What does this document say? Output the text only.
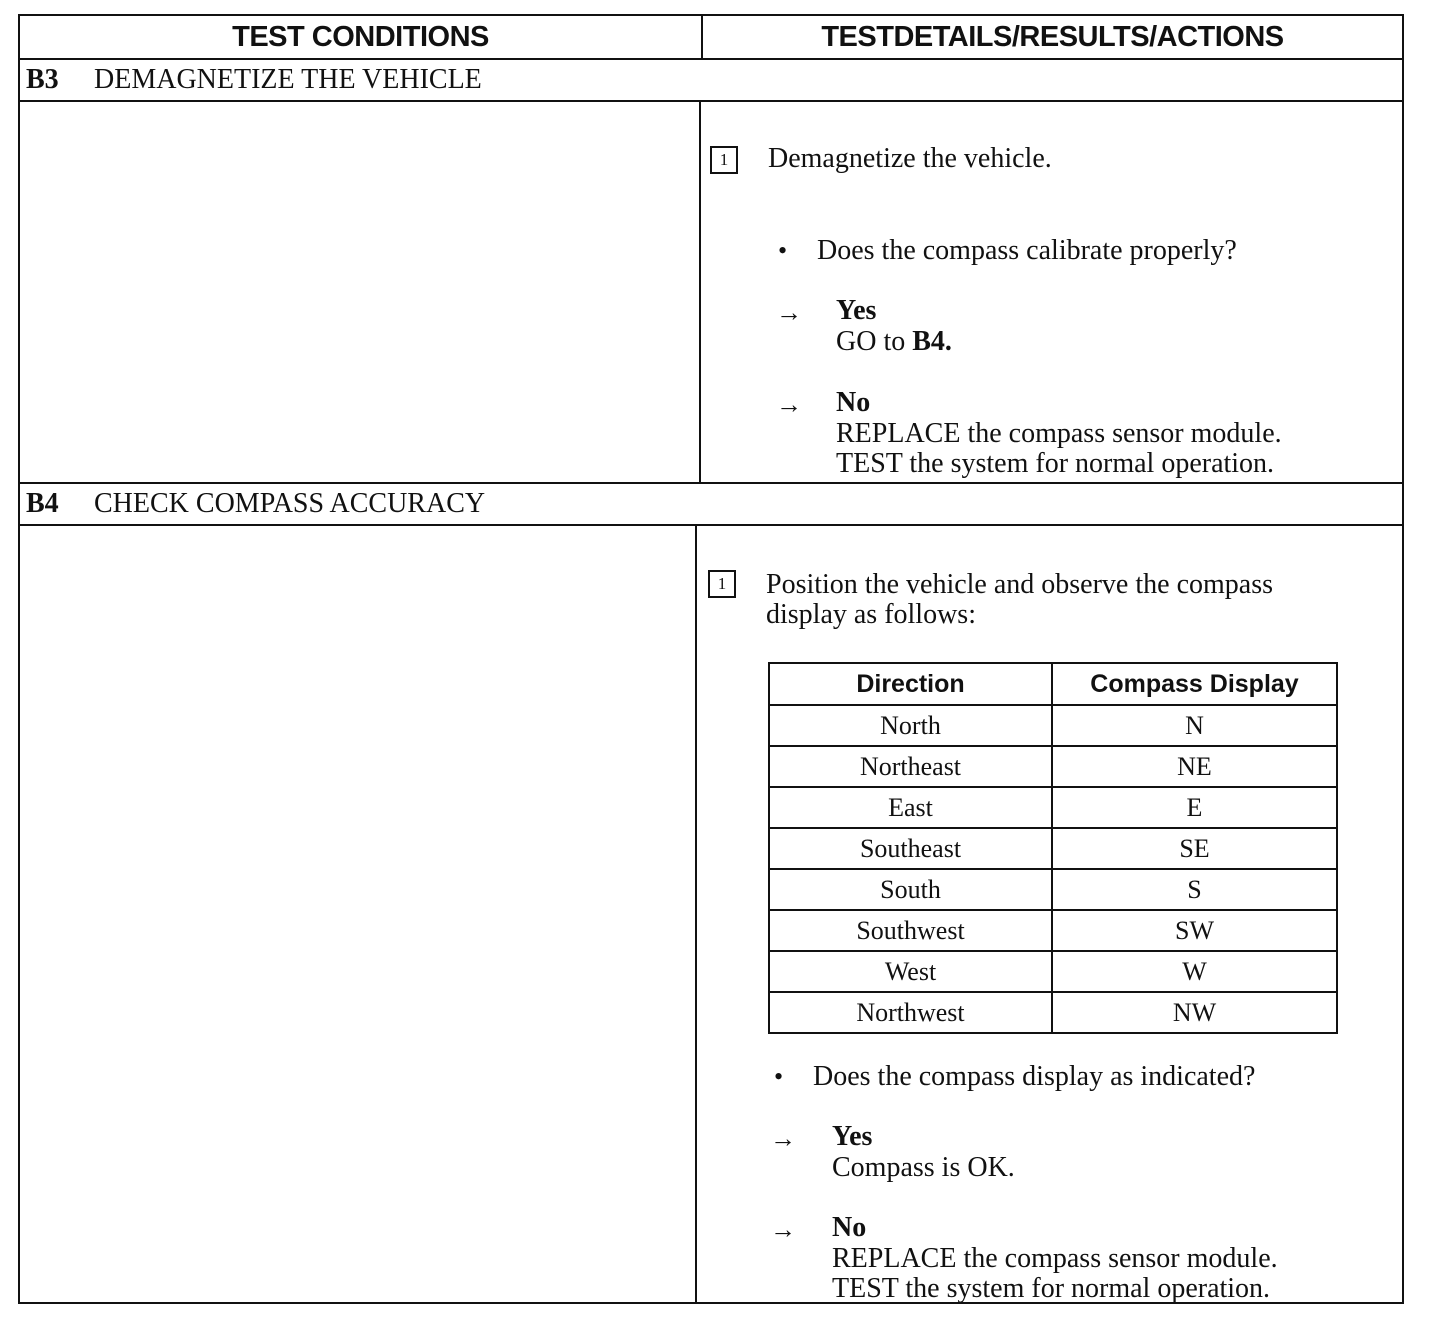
TEST CONDITIONS	TESTDETAILS/RESULTS/ACTIONS
B3 DEMAGNETIZE THE VEHICLE
1	Demagnetize the vehicle.
• Does the compass calibrate properly?
→ Yes
GO to B4.
→ No
REPLACE the compass sensor module.
TEST the system for normal operation.
B4 CHECK COMPASS ACCURACY
1	Position the vehicle and observe the compass
display as follows:
Direction	Compass Display
North	N
Northeast	NE
East	E
Southeast	SE
South	S
Southwest	SW
West	W
Northwest	NW
• Does the compass display as indicated?
→ Yes
Compass is OK.
→ No
REPLACE the compass sensor module.
TEST the system for normal operation.
